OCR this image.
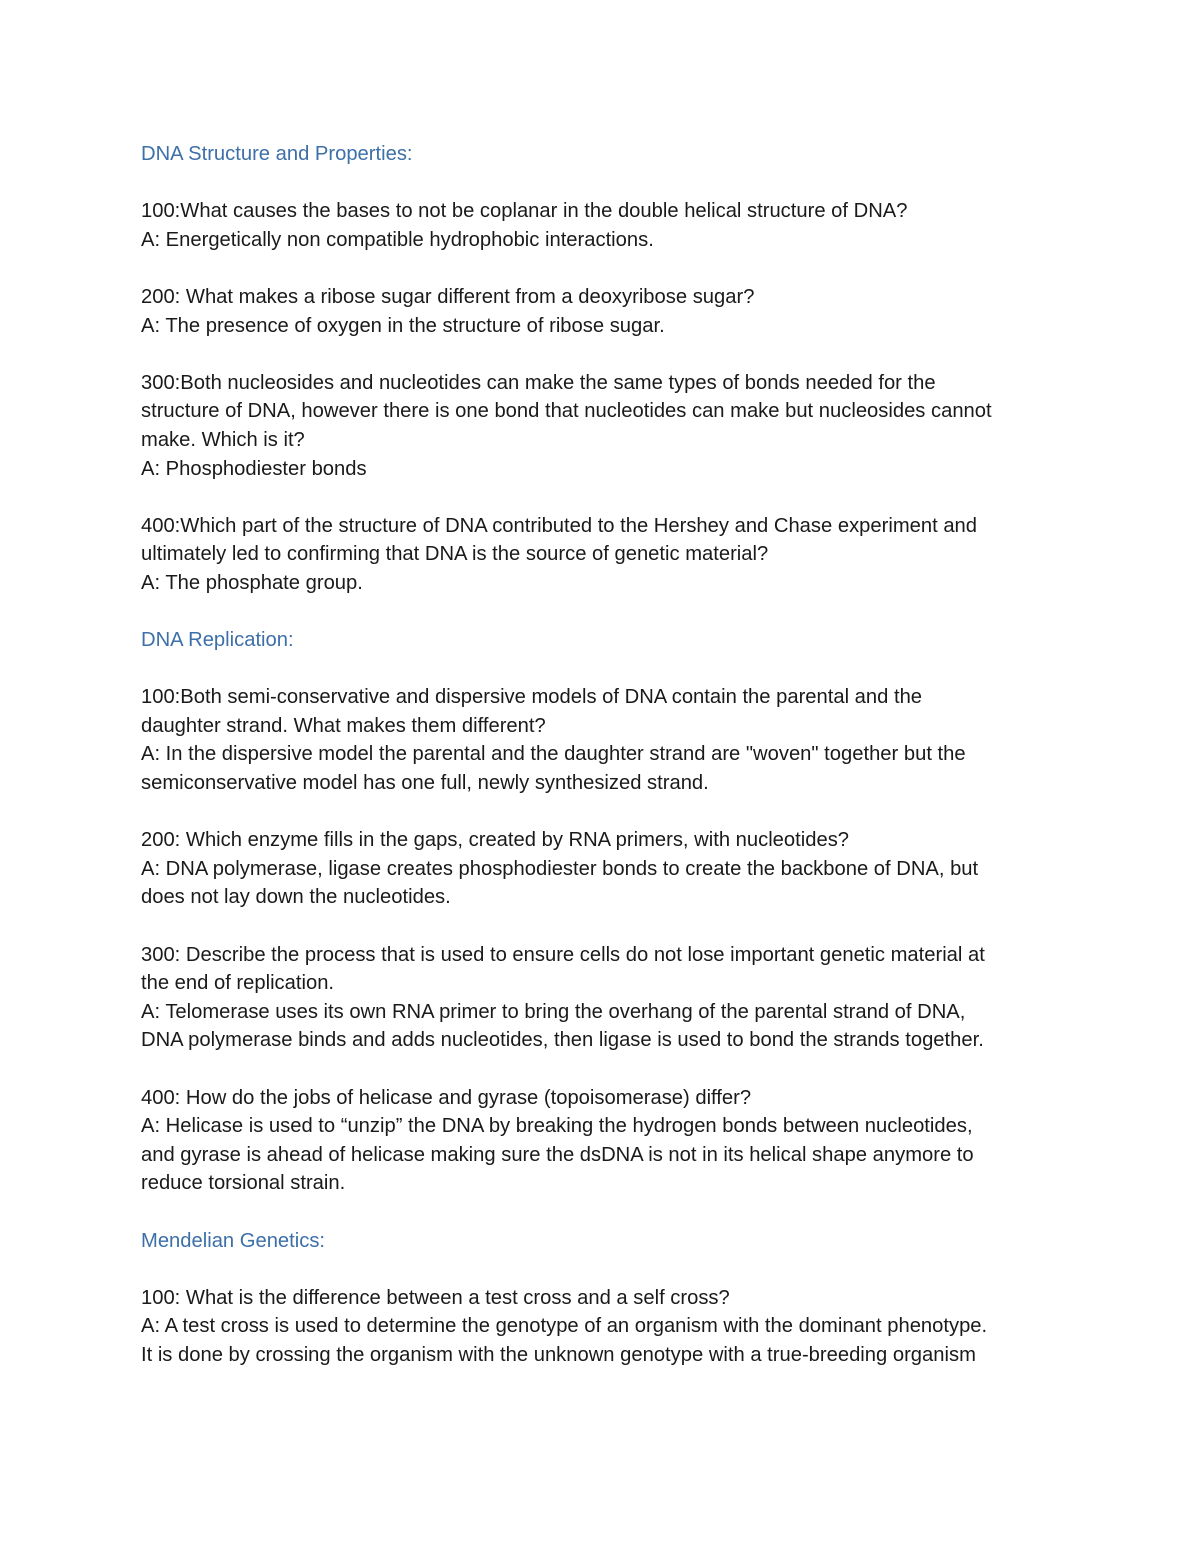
DNA Structure and Properties:
100:What causes the bases to not be coplanar in the double helical structure of DNA?
A: Energetically non compatible hydrophobic interactions.
200: What makes a ribose sugar different from a deoxyribose sugar?
A: The presence of oxygen in the structure of ribose sugar.
300:Both nucleosides and nucleotides can make the same types of bonds needed for the
structure of DNA, however there is one bond that nucleotides can make but nucleosides cannot
make. Which is it?
A: Phosphodiester bonds
400:Which part of the structure of DNA contributed to the Hershey and Chase experiment and
ultimately led to confirming that DNA is the source of genetic material?
A: The phosphate group.
DNA Replication:
100:Both semi-conservative and dispersive models of DNA contain the parental and the
daughter strand. What makes them different?
A: In the dispersive model the parental and the daughter strand are "woven" together but the
semiconservative model has one full, newly synthesized strand.
200: Which enzyme fills in the gaps, created by RNA primers, with nucleotides?
A: DNA polymerase, ligase creates phosphodiester bonds to create the backbone of DNA, but
does not lay down the nucleotides.
300: Describe the process that is used to ensure cells do not lose important genetic material at
the end of replication.
A: Telomerase uses its own RNA primer to bring the overhang of the parental strand of DNA,
DNA polymerase binds and adds nucleotides, then ligase is used to bond the strands together.
400: How do the jobs of helicase and gyrase (topoisomerase) differ?
A: Helicase is used to “unzip” the DNA by breaking the hydrogen bonds between nucleotides,
and gyrase is ahead of helicase making sure the dsDNA is not in its helical shape anymore to
reduce torsional strain.
Mendelian Genetics:
100: What is the difference between a test cross and a self cross?
A: A test cross is used to determine the genotype of an organism with the dominant phenotype.
It is done by crossing the organism with the unknown genotype with a true-breeding organism
